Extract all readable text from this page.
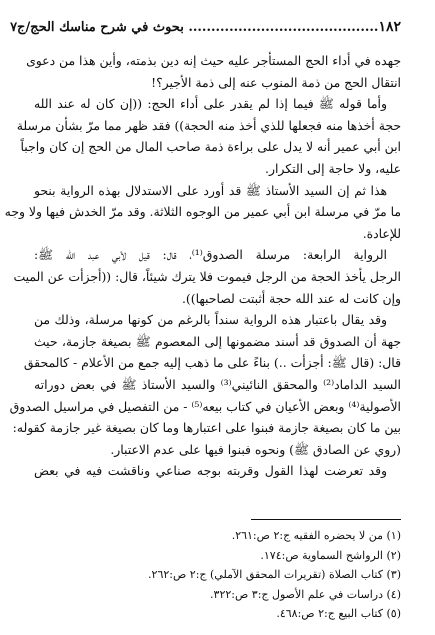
١٨٢
.......................................... بحوث في شرح مناسك الحج/ج٧
جهده في أداء الحج المستأجر عليه حيث إنه دين بذمته، وأين هذا من دعوى
انتقال الحج من ذمة المنوب عنه إلى ذمة الأجير؟!
وأما قوله ﷺ فيما إذا لم يقدر على أداء الحج: ((إن كان له عند الله
حجة أخذها منه فجعلها للذي أخذ منه الحجة)) فقد ظهر مما مرّ بشأن مرسلة
ابن أبي عمير أنه لا يدل على براءة ذمة صاحب المال من الحج إن كان واجباً
عليه، ولا حاجة إلى التكرار.
هذا ثم إن السيد الأستاذ ﷺ قد أورد على الاستدلال بهذه الرواية بنحو
ما مرّ في مرسلة ابن أبي عمير من الوجوه الثلاثة. وقد مرّ الخدش فيها ولا وجه
للإعادة.
الرواية الرابعة: مرسلة الصدوق⁽¹⁾، قال: قيل لأبي عبد الله ﷺ:
الرجل يأخذ الحجة من الرجل فيموت فلا يترك شيئاً، قال: ((أجزأت عن الميت
وإن كانت له عند الله حجة أثبتت لصاحبها)).
وقد يقال باعتبار هذه الرواية سنداً بالرغم من كونها مرسلة، وذلك من
جهة أن الصدوق قد أسند مضمونها إلى المعصوم ﷺ بصيغة جازمة، حيث
قال: (قال ﷺ: أجزأت ..) بناءً على ما ذهب إليه جمع من الأعلام - كالمحقق
السيد الداماد⁽²⁾ والمحقق النائيني⁽³⁾ والسيد الأستاذ ﷺ في بعض دوراته
الأصولية⁽⁴⁾ وبعض الأعيان في كتاب بيعه⁽⁵⁾ - من التفصيل في مراسيل الصدوق
بين ما كان بصيغة جازمة فبنوا على اعتبارها وما كان بصيغة غير جازمة كقوله:
(روي عن الصادق ﷺ) ونحوه فبنوا فيها على عدم الاعتبار.
وقد تعرضت لهذا القول وقربته بوجه صناعي وناقشت فيه في بعض
(١) من لا يحضره الفقيه ج:٢ ص:٢٦١.
(٢) الرواشح السماوية ص:١٧٤.
(٣) كتاب الصلاة (تقريرات المحقق الآملي) ج:٢ ص:٢٦٢.
(٤) دراسات في علم الأصول ج:٣ ص:٣٢٢.
(٥) كتاب البيع ج:٢ ص:٤٦٨.
